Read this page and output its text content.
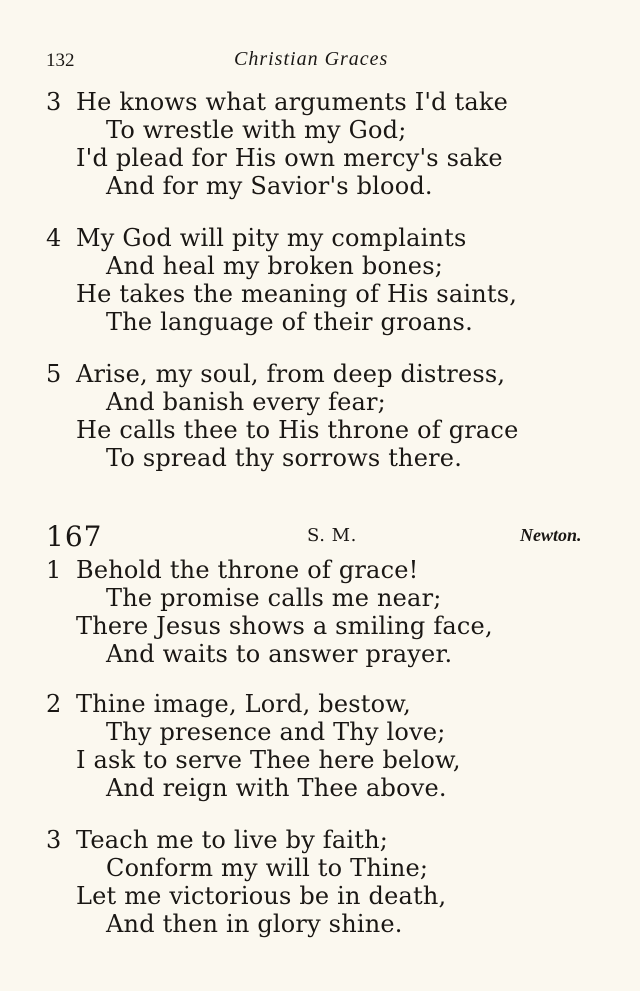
132	Christian Graces
3 He knows what arguments I'd take
To wrestle with my God;
I'd plead for His own mercy's sake
And for my Savior's blood.
4 My God will pity my complaints
And heal my broken bones;
He takes the meaning of His saints,
The language of their groans.
5 Arise, my soul, from deep distress,
And banish every fear;
He calls thee to His throne of grace
To spread thy sorrows there.
167	S. M.	Newton.
1 Behold the throne of grace!
The promise calls me near;
There Jesus shows a smiling face,
And waits to answer prayer.
2 Thine image, Lord, bestow,
Thy presence and Thy love;
I ask to serve Thee here below,
And reign with Thee above.
3 Teach me to live by faith;
Conform my will to Thine;
Let me victorious be in death,
And then in glory shine.
